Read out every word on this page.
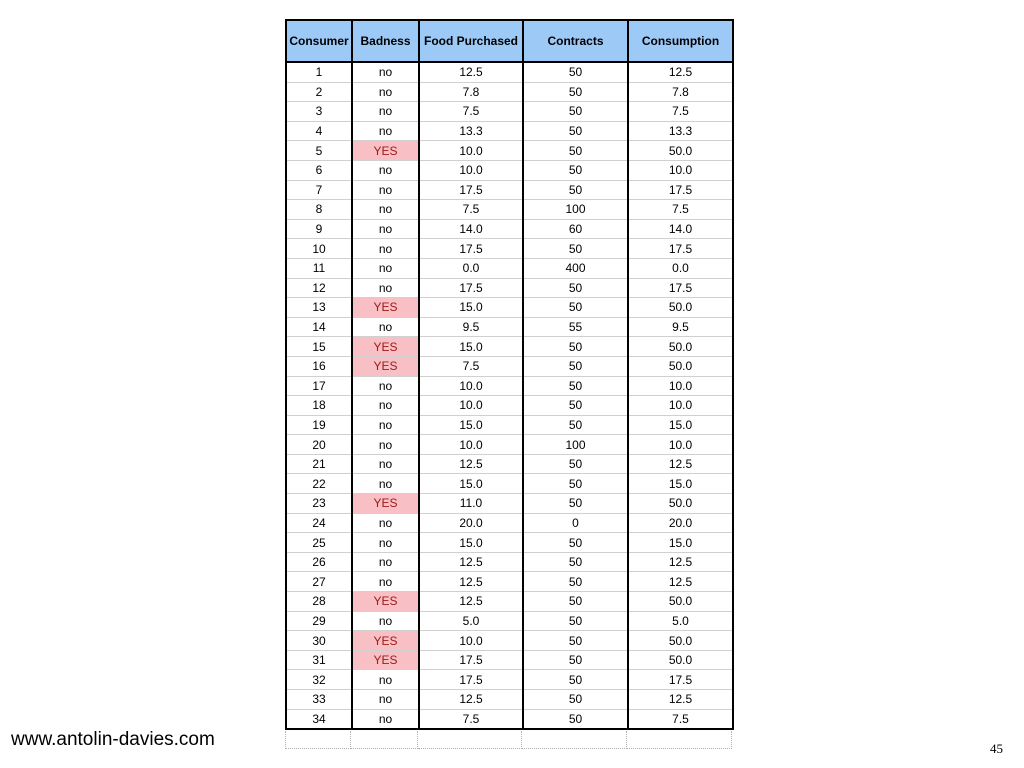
Consumer	Badness	Food Purchased	Contracts	Consumption
1	no	12.5	50	12.5
2	no	7.8	50	7.8
3	no	7.5	50	7.5
4	no	13.3	50	13.3
5	YES	10.0	50	50.0
6	no	10.0	50	10.0
7	no	17.5	50	17.5
8	no	7.5	100	7.5
9	no	14.0	60	14.0
10	no	17.5	50	17.5
11	no	0.0	400	0.0
12	no	17.5	50	17.5
13	YES	15.0	50	50.0
14	no	9.5	55	9.5
15	YES	15.0	50	50.0
16	YES	7.5	50	50.0
17	no	10.0	50	10.0
18	no	10.0	50	10.0
19	no	15.0	50	15.0
20	no	10.0	100	10.0
21	no	12.5	50	12.5
22	no	15.0	50	15.0
23	YES	11.0	50	50.0
24	no	20.0	0	20.0
25	no	15.0	50	15.0
26	no	12.5	50	12.5
27	no	12.5	50	12.5
28	YES	12.5	50	50.0
29	no	5.0	50	5.0
30	YES	10.0	50	50.0
31	YES	17.5	50	50.0
32	no	17.5	50	17.5
33	no	12.5	50	12.5
34	no	7.5	50	7.5
www.antolin-davies.com	45
